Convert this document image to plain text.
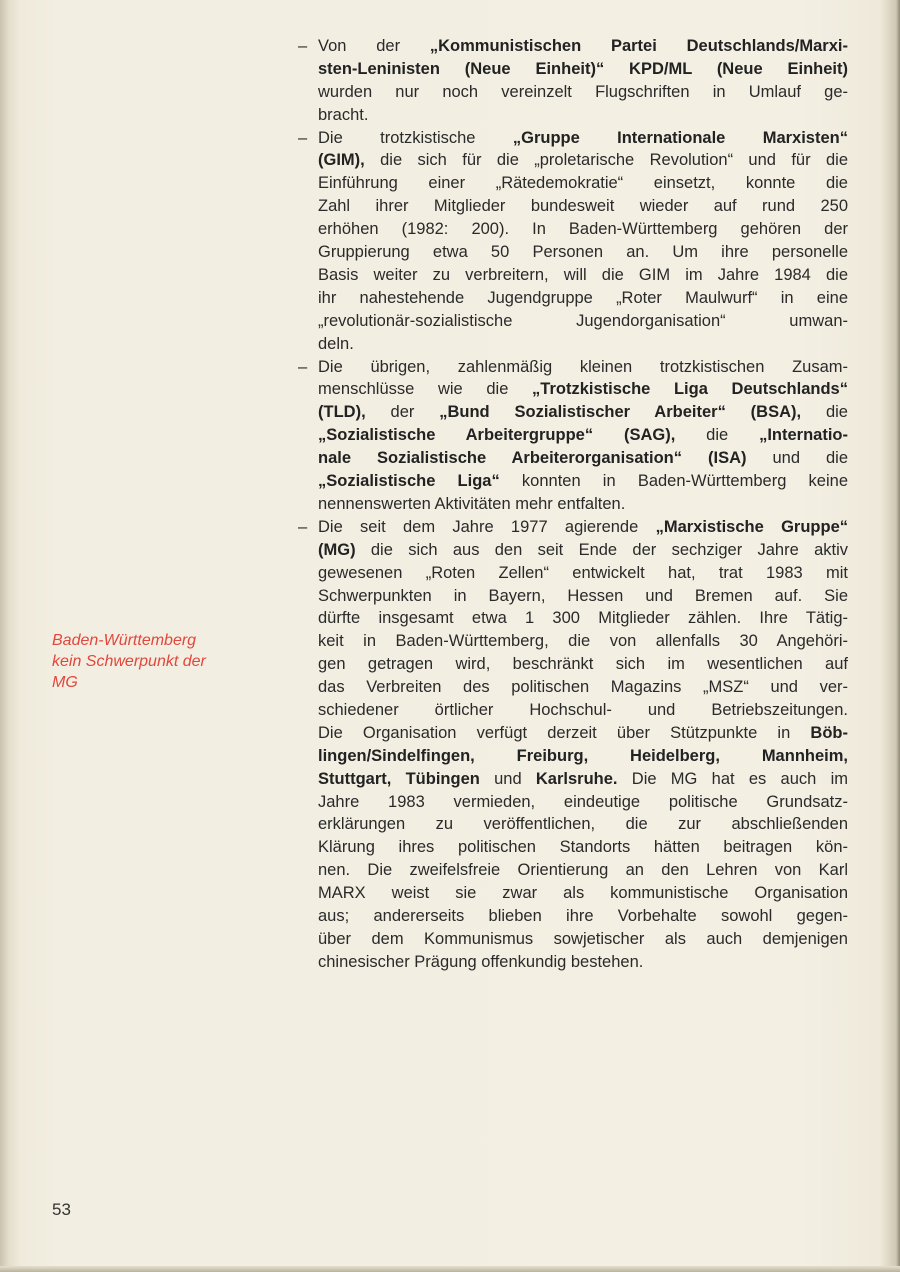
– Von der „Kommunistischen Partei Deutschlands/Marxi-
sten-Leninisten (Neue Einheit)“ KPD/ML (Neue Einheit)
wurden nur noch vereinzelt Flugschriften in Umlauf ge-
bracht.
– Die trotzkistische „Gruppe Internationale Marxisten“
(GIM), die sich für die „proletarische Revolution“ und für die
Einführung einer „Rätedemokratie“ einsetzt, konnte die
Zahl ihrer Mitglieder bundesweit wieder auf rund 250
erhöhen (1982: 200). In Baden-Württemberg gehören der
Gruppierung etwa 50 Personen an. Um ihre personelle
Basis weiter zu verbreitern, will die GIM im Jahre 1984 die
ihr nahestehende Jugendgruppe „Roter Maulwurf“ in eine
„revolutionär-sozialistische Jugendorganisation“ umwan-
deln.
– Die übrigen, zahlenmäßig kleinen trotzkistischen Zusam-
menschlüsse wie die „Trotzkistische Liga Deutschlands“
(TLD), der „Bund Sozialistischer Arbeiter“ (BSA), die
„Sozialistische Arbeitergruppe“ (SAG), die „Internatio-
nale Sozialistische Arbeiterorganisation“ (ISA) und die
„Sozialistische Liga“ konnten in Baden-Württemberg keine
nennenswerten Aktivitäten mehr entfalten.
– Die seit dem Jahre 1977 agierende „Marxistische Gruppe“
(MG) die sich aus den seit Ende der sechziger Jahre aktiv
gewesenen „Roten Zellen“ entwickelt hat, trat 1983 mit
Schwerpunkten in Bayern, Hessen und Bremen auf. Sie
dürfte insgesamt etwa 1 300 Mitglieder zählen. Ihre Tätig-
keit in Baden-Württemberg, die von allenfalls 30 Angehöri-
gen getragen wird, beschränkt sich im wesentlichen auf
das Verbreiten des politischen Magazins „MSZ“ und ver-
schiedener örtlicher Hochschul- und Betriebszeitungen.
Die Organisation verfügt derzeit über Stützpunkte in Böb-
lingen/Sindelfingen, Freiburg, Heidelberg, Mannheim,
Stuttgart, Tübingen und Karlsruhe. Die MG hat es auch im
Jahre 1983 vermieden, eindeutige politische Grundsatz-
erklärungen zu veröffentlichen, die zur abschließenden
Klärung ihres politischen Standorts hätten beitragen kön-
nen. Die zweifelsfreie Orientierung an den Lehren von Karl
MARX weist sie zwar als kommunistische Organisation
aus; andererseits blieben ihre Vorbehalte sowohl gegen-
über dem Kommunismus sowjetischer als auch demjenigen
chinesischer Prägung offenkundig bestehen.
Baden-Württemberg
kein Schwerpunkt der
MG
53
